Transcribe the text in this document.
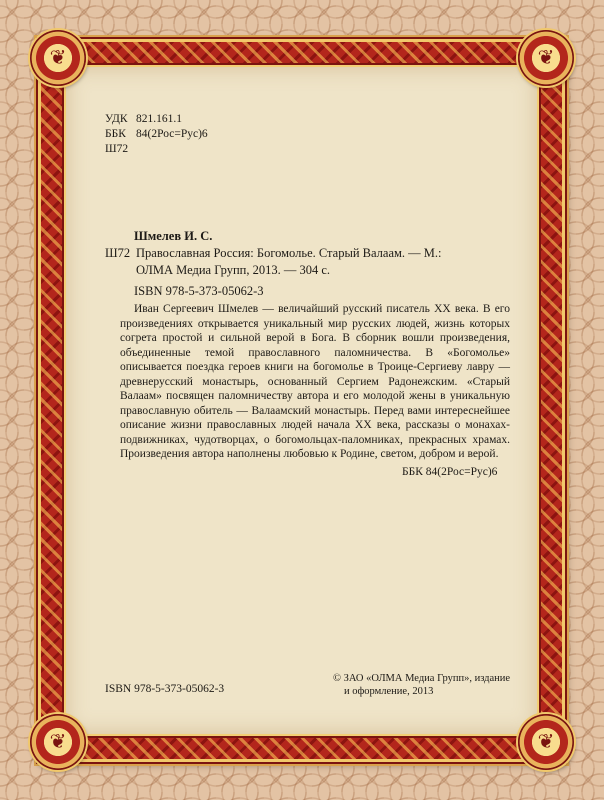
❦	❦
❦	❦
УДК 821.161.1
ББК 84(2Рос=Рус)6
Ш72
Шмелев И. С.
Ш72 Православная Россия: Богомолье. Старый Валаам. — М.:
ОЛМА Медиа Групп, 2013. — 304 с.
ISBN 978-5-373-05062-3
Иван Сергеевич Шмелев — величайший русский писатель XX века. В его произведениях открывается уникальный мир русских людей, жизнь которых согрета простой и сильной верой в Бога. В сборник вошли произведения, объединенные темой православного паломничества. В «Богомолье» описывается поездка героев книги на богомолье в Троице-Сергиеву лавру — древнерусский монастырь, основанный Сергием Радонежским. «Старый Валаам» посвящен паломничеству автора и его молодой жены в уникальную православную обитель — Валаамский монастырь. Перед вами интереснейшее описание жизни православных людей начала XX века, рассказы о монахах-подвижниках, чудотворцах, о богомольцах-паломниках, прекрасных храмах. Произведения автора наполнены любовью к Родине, светом, добром и верой.
ББК 84(2Рос=Рус)6
ISBN 978-5-373-05062-3
© ЗАО «ОЛМА Медиа Групп», издание
и оформление, 2013
